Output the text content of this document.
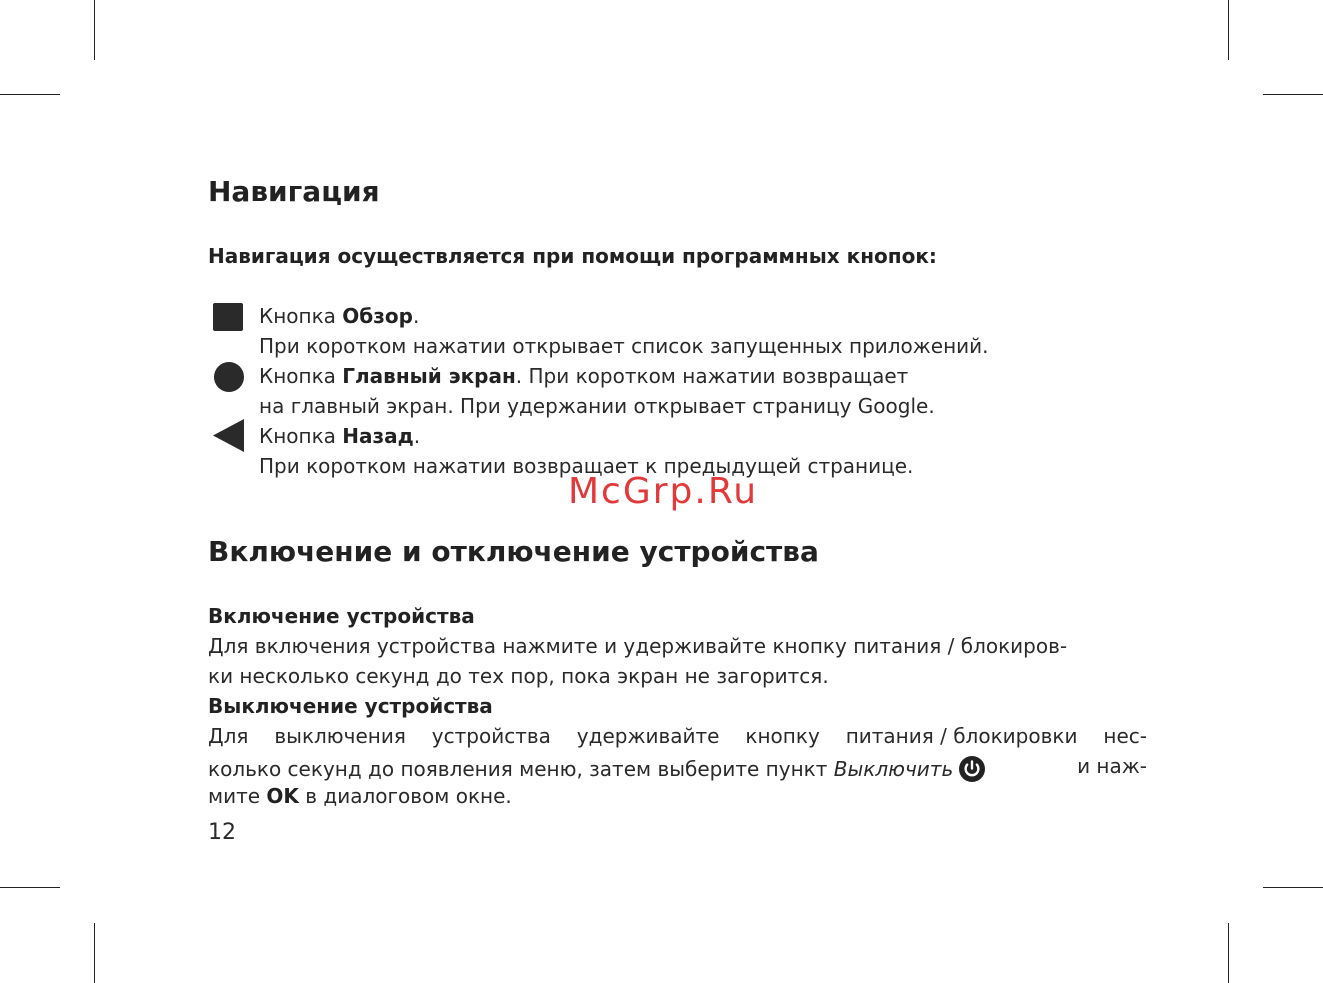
Навигация
Навигация осуществляется при помощи программных кнопок:
Кнопка Обзор.
При коротком нажатии открывает список запущенных приложений.
Кнопка Главный экран. При коротком нажатии возвращает
на главный экран. При удержании открывает страницу Google.
Кнопка Назад.
При коротком нажатии возвращает к предыдущей странице.
McGrp.Ru
Включение и отключение устройства
Включение устройства
Для включения устройства нажмите и удерживайте кнопку питания / блокиров-
ки несколько секунд до тех пор, пока экран не загорится.
Выключение устройства
Для выключения устройства удерживайте кнопку питания / блокировки нес-
колько секунд до появления меню, затем выберите пункт Выключить	и наж-
мите OK в диалоговом окне.
12
